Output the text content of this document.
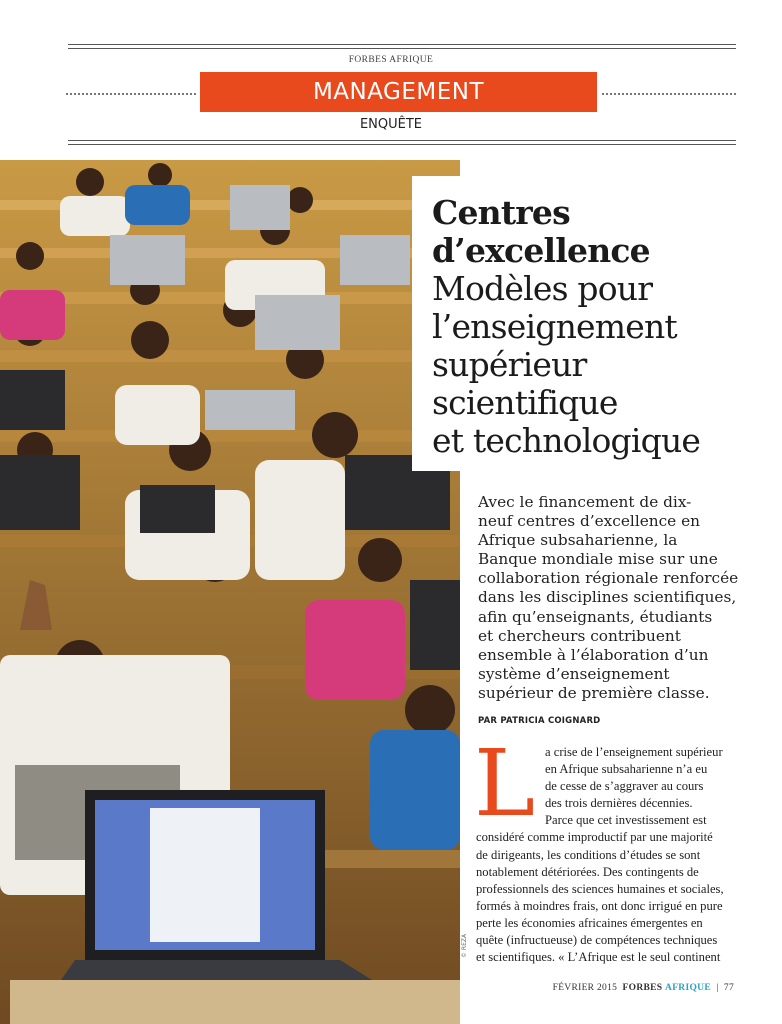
FORBES AFRIQUE
MANAGEMENT
ENQUÊTE
Centres
d’excellence
Modèles pour
l’enseignement
supérieur
scientifique
et technologique
Avec le financement de dix-
neuf centres d’excellence en
Afrique subsaharienne, la
Banque mondiale mise sur une
collaboration régionale renforcée
dans les disciplines scientifiques,
afin qu’enseignants, étudiants
et chercheurs contribuent
ensemble à l’élaboration d’un
système d’enseignement
supérieur de première classe.
PAR PATRICIA COIGNARD
L a crise de l’enseignement supérieur
en Afrique subsaharienne n’a eu
de cesse de s’aggraver au cours
des trois dernières décennies.
Parce que cet investissement est
considéré comme improductif par une majorité
de dirigeants, les conditions d’études se sont
notablement détériorées. Des contingents de
professionnels des sciences humaines et sociales,
formés à moindres frais, ont donc irrigué en pure
perte les économies africaines émergentes en
quête (infructueuse) de compétences techniques
et scientifiques. « L’Afrique est le seul continent
© REZA
FÉVRIER 2015 FORBES AFRIQUE | 77
